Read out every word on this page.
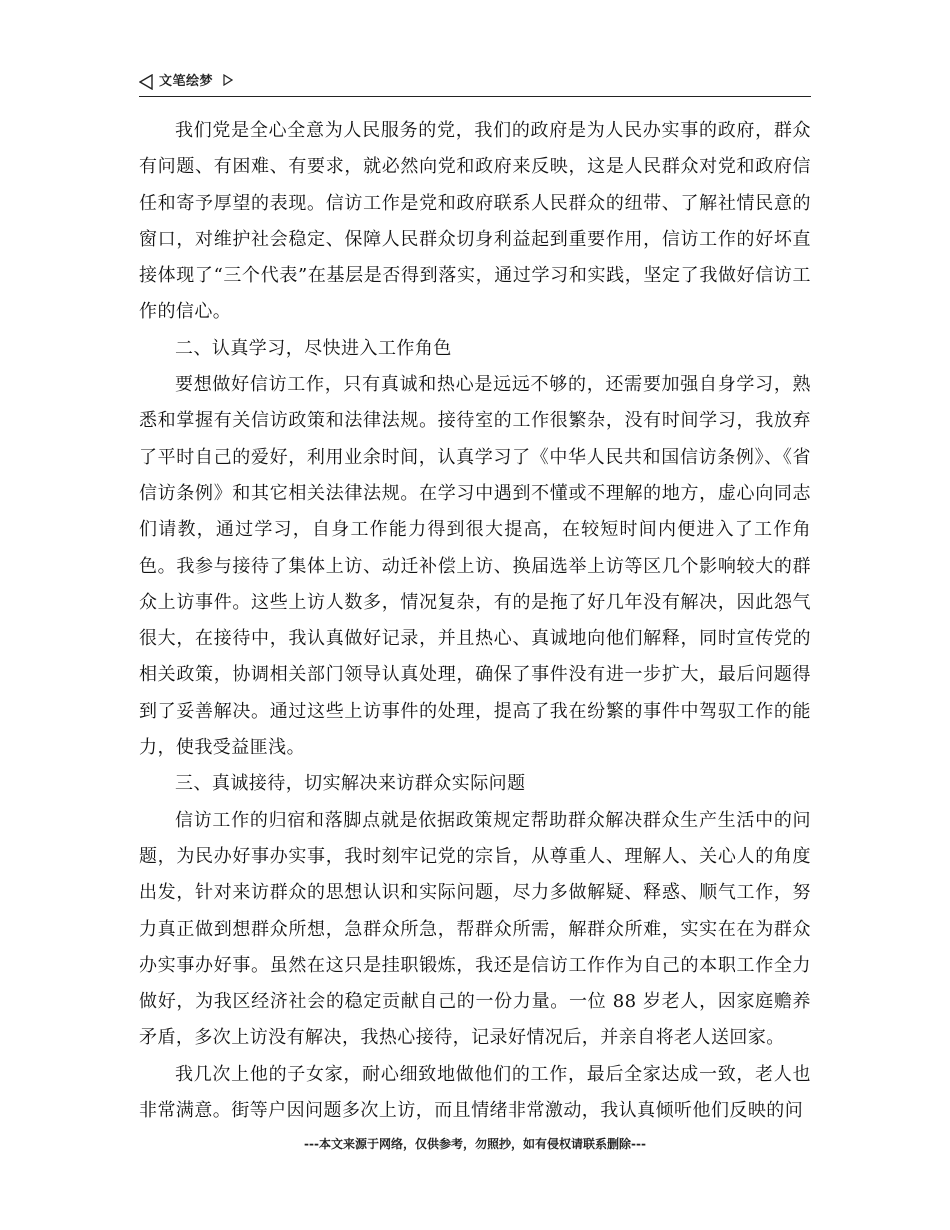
文笔绘梦

我们党是全心全意为人民服务的党，我们的政府是为人民办实事的政府，群众有问题、有困难、有要求，就必然向党和政府来反映，这是人民群众对党和政府信任和寄予厚望的表现。信访工作是党和政府联系人民群众的纽带、了解社情民意的窗口，对维护社会稳定、保障人民群众切身利益起到重要作用，信访工作的好坏直接体现了“三个代表”在基层是否得到落实，通过学习和实践，坚定了我做好信访工作的信心。

二、认真学习，尽快进入工作角色

要想做好信访工作，只有真诚和热心是远远不够的，还需要加强自身学习，熟悉和掌握有关信访政策和法律法规。接待室的工作很繁杂，没有时间学习，我放弃了平时自己的爱好，利用业余时间，认真学习了《中华人民共和国信访条例》、《省信访条例》和其它相关法律法规。在学习中遇到不懂或不理解的地方，虚心向同志们请教，通过学习，自身工作能力得到很大提高，在较短时间内便进入了工作角色。我参与接待了集体上访、动迁补偿上访、换届选举上访等区几个影响较大的群众上访事件。这些上访人数多，情况复杂，有的是拖了好几年没有解决，因此怨气很大，在接待中，我认真做好记录，并且热心、真诚地向他们解释，同时宣传党的相关政策，协调相关部门领导认真处理，确保了事件没有进一步扩大，最后问题得到了妥善解决。通过这些上访事件的处理，提高了我在纷繁的事件中驾驭工作的能力，使我受益匪浅。

三、真诚接待，切实解决来访群众实际问题

信访工作的归宿和落脚点就是依据政策规定帮助群众解决群众生产生活中的问题，为民办好事办实事，我时刻牢记党的宗旨，从尊重人、理解人、关心人的角度出发，针对来访群众的思想认识和实际问题，尽力多做解疑、释惑、顺气工作，努力真正做到想群众所想，急群众所急，帮群众所需，解群众所难，实实在在为群众办实事办好事。虽然在这只是挂职锻炼，我还是信访工作作为自己的本职工作全力做好，为我区经济社会的稳定贡献自己的一份力量。一位 88 岁老人，因家庭赡养矛盾，多次上访没有解决，我热心接待，记录好情况后，并亲自将老人送回家。

我几次上他的子女家，耐心细致地做他们的工作，最后全家达成一致，老人也非常满意。街等户因问题多次上访，而且情绪非常激动，我认真倾听他们反映的问

---本文来源于网络，仅供参考，勿照抄，如有侵权请联系删除---
